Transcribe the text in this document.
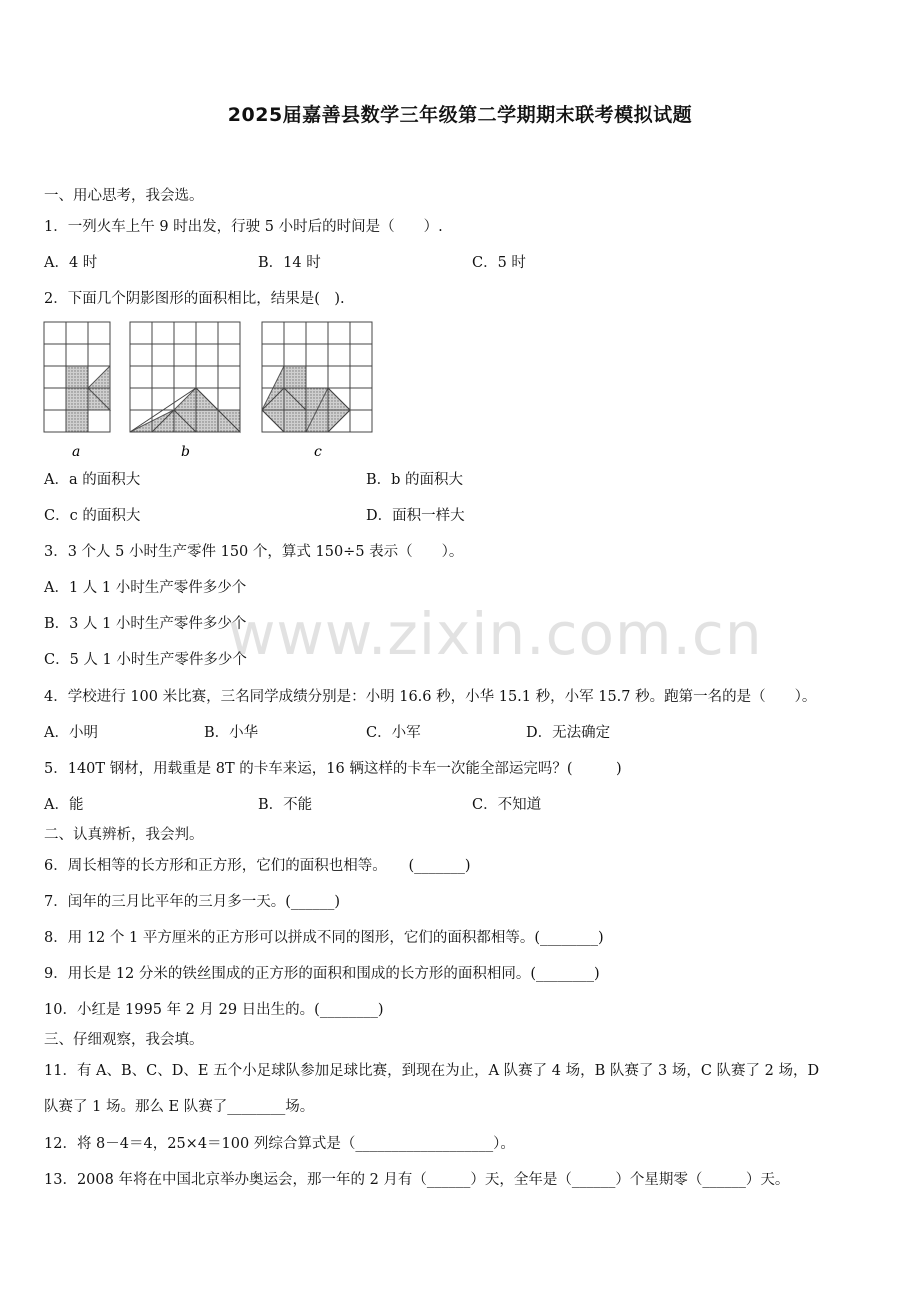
2025届嘉善县数学三年级第二学期期末联考模拟试题
www.zixin.com.cn
一、用心思考，我会选。
1．一列火车上午 9 时出发，行驶 5 小时后的时间是（　　）.
A．4 时	B．14 时	C．5 时
2．下面几个阴影图形的面积相比，结果是(　).
a	b	c
A．a 的面积大	B．b 的面积大
C．c 的面积大	D．面积一样大
3．3 个人 5 小时生产零件 150 个，算式 150÷5 表示（　　）。
A．1 人 1 小时生产零件多少个
B．3 人 1 小时生产零件多少个
C．5 人 1 小时生产零件多少个
4．学校进行 100 米比赛，三名同学成绩分别是：小明 16.6 秒，小华 15.1 秒，小军 15.7 秒。跑第一名的是（　　）。
A．小明	B．小华	C．小军	D．无法确定
5．140T 钢材，用载重是 8T 的卡车来运，16 辆这样的卡车一次能全部运完吗？(　　　)
A．能	B．不能	C．不知道
二、认真辨析，我会判。
6．周长相等的长方形和正方形，它们的面积也相等。　　(_______)
7．闰年的三月比平年的三月多一天。(______)
8．用 12 个 1 平方厘米的正方形可以拼成不同的图形，它们的面积都相等。(________)
9．用长是 12 分米的铁丝围成的正方形的面积和围成的长方形的面积相同。(________)
10．小红是 1995 年 2 月 29 日出生的。(________)
三、仔细观察，我会填。
11．有 A、B、C、D、E 五个小足球队参加足球比赛，到现在为止，A 队赛了 4 场，B 队赛了 3 场，C 队赛了 2 场，D
队赛了 1 场。那么 E 队赛了________场。
12．将 8－4＝4，25×4＝100 列综合算式是（___________________）。
13．2008 年将在中国北京举办奥运会，那一年的 2 月有（______）天，全年是（______）个星期零（______）天。
